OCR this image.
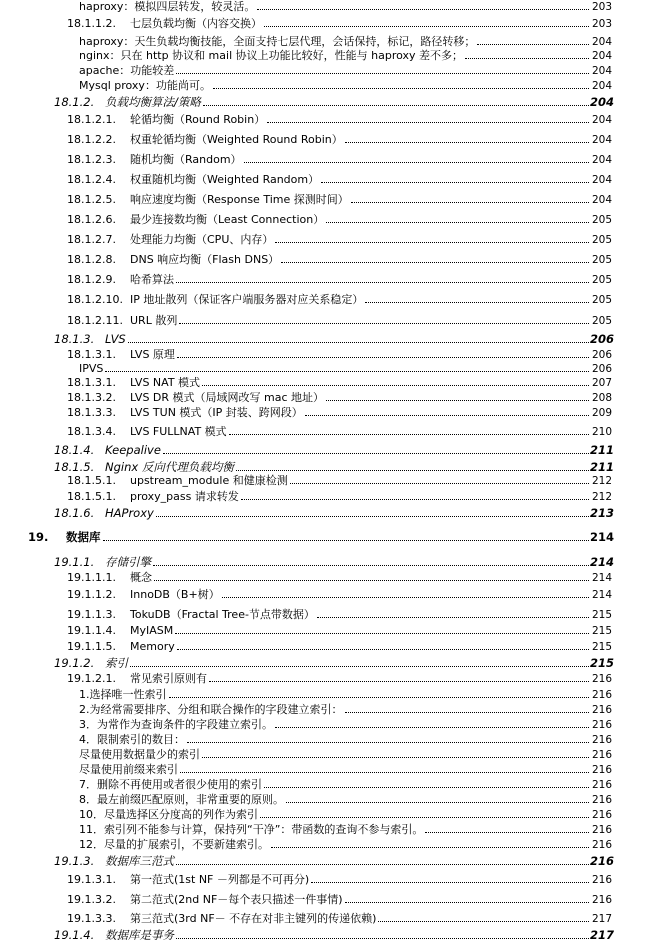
haproxy：模拟四层转发，较灵活。	203
18.1.1.2. 七层负载均衡（内容交换）	203
haproxy：天生负载均衡技能，全面支持七层代理，会话保持，标记，路径转移；	204
nginx：只在 http 协议和 mail 协议上功能比较好，性能与 haproxy 差不多；	204
apache：功能较差	204
Mysql proxy：功能尚可。	204
18.1.2. 负载均衡算法/策略	204
18.1.2.1. 轮循均衡（Round Robin）	204
18.1.2.2. 权重轮循均衡（Weighted Round Robin）	204
18.1.2.3. 随机均衡（Random）	204
18.1.2.4. 权重随机均衡（Weighted Random）	204
18.1.2.5. 响应速度均衡（Response Time 探测时间）	204
18.1.2.6. 最少连接数均衡（Least Connection）	205
18.1.2.7. 处理能力均衡（CPU、内存）	205
18.1.2.8. DNS 响应均衡（Flash DNS）	205
18.1.2.9. 哈希算法	205
18.1.2.10. IP 地址散列（保证客户端服务器对应关系稳定）	205
18.1.2.11. URL 散列	205
18.1.3. LVS	206
18.1.3.1. LVS 原理	206
IPVS	206
18.1.3.1. LVS NAT 模式	207
18.1.3.2. LVS DR 模式（局域网改写 mac 地址）	208
18.1.3.3. LVS TUN 模式（IP 封装、跨网段）	209
18.1.3.4. LVS FULLNAT 模式	210
18.1.4. Keepalive	211
18.1.5. Nginx 反向代理负载均衡	211
18.1.5.1. upstream_module 和健康检测	212
18.1.5.1. proxy_pass 请求转发	212
18.1.6. HAProxy	213
19. 数据库	214
19.1.1. 存储引擎	214
19.1.1.1. 概念	214
19.1.1.2. InnoDB（B+树）	214
19.1.1.3. TokuDB（Fractal Tree-节点带数据）	215
19.1.1.4. MyIASM	215
19.1.1.5. Memory	215
19.1.2. 索引	215
19.1.2.1. 常见索引原则有	216
1.选择唯一性索引	216
2.为经常需要排序、分组和联合操作的字段建立索引：	216
3．为常作为查询条件的字段建立索引。	216
4．限制索引的数目：	216
尽量使用数据量少的索引	216
尽量使用前缀来索引	216
7．删除不再使用或者很少使用的索引	216
8．最左前缀匹配原则，非常重要的原则。	216
10．尽量选择区分度高的列作为索引	216
11．索引列不能参与计算，保持列“干净”：带函数的查询不参与索引。	216
12．尽量的扩展索引，不要新建索引。	216
19.1.3. 数据库三范式	216
19.1.3.1. 第一范式(1st NF －列都是不可再分)	216
19.1.3.2. 第二范式(2nd NF－每个表只描述一件事情)	216
19.1.3.3. 第三范式(3rd NF－ 不存在对非主键列的传递依赖)	217
19.1.4. 数据库是事务	217
